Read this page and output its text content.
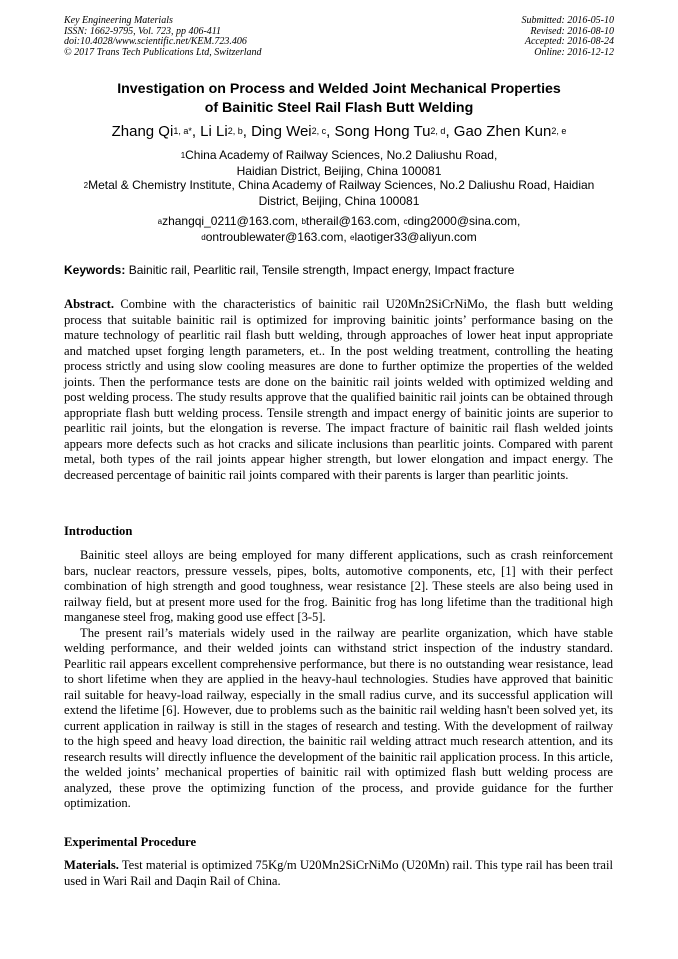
Key Engineering Materials
ISSN: 1662-9795, Vol. 723, pp 406-411
doi:10.4028/www.scientific.net/KEM.723.406
© 2017 Trans Tech Publications Ltd, Switzerland
Submitted: 2016-05-10
Revised: 2016-08-10
Accepted: 2016-08-24
Online: 2016-12-12
Investigation on Process and Welded Joint Mechanical Properties
of Bainitic Steel Rail Flash Butt Welding
Zhang $Qi^{1, a*}$, Li Li$^{2, b}$, Ding Wei$^{2, c}$, Song Hong Tu$^{2, d}$, Gao Zhen Kun$^{2, e}$
$^1$China Academy of Railway Sciences, No.2 Daliushu Road,
Haidian District, Beijing, China 100081
$^2$Metal & Chemistry Institute, China Academy of Railway Sciences, No.2 Daliushu Road, Haidian
District, Beijing, China 100081
$^a$zhangqi_0211@163.com, $^b$therail@163.com, $^c$ding2000@sina.com,
$^d$ontroublewater@163.com, $^e$laotiger33@aliyun.com
Keywords: Bainitic rail, Pearlitic rail, Tensile strength, Impact energy, Impact fracture

Abstract. Combine with the characteristics of bainitic rail U20Mn2SiCrNiMo, the flash butt welding process that suitable bainitic rail is optimized for improving bainitic joints’ performance basing on the mature technology of pearlitic rail flash butt welding, through approaches of lower heat input appropriate and matched upset forging length parameters, et.. In the post welding treatment, controlling the heating process strictly and using slow cooling measures are done to further optimize the properties of the welded joints. Then the performance tests are done on the bainitic rail joints welded with optimized welding and post welding process. The study results approve that the qualified bainitic rail joints can be obtained through appropriate flash butt welding process. Tensile strength and impact energy of bainitic joints are superior to pearlitic rail joints, but the elongation is reverse. The impact fracture of bainitic rail flash welded joints appears more defects such as hot cracks and silicate inclusions than pearlitic joints. Compared with parent metal, both types of the rail joints appear higher strength, but lower elongation and impact energy. The decreased percentage of bainitic rail joints compared with their parents is larger than pearlitic joints.

Introduction

Bainitic steel alloys are being employed for many different applications, such as crash reinforcement bars, nuclear reactors, pressure vessels, pipes, bolts, automotive components, etc, [1] with their perfect combination of high strength and good toughness, wear resistance [2]. These steels are also being used in railway field, but at present more used for the frog. Bainitic frog has long lifetime than the traditional high manganese steel frog, making good use effect [3-5].

The present rail’s materials widely used in the railway are pearlite organization, which have stable welding performance, and their welded joints can withstand strict inspection of the industry standard. Pearlitic rail appears excellent comprehensive performance, but there is no outstanding wear resistance, lead to short lifetime when they are applied in the heavy-haul technologies. Studies have approved that bainitic rail suitable for heavy-load railway, especially in the small radius curve, and its successful application will extend the lifetime [6]. However, due to problems such as the bainitic rail welding hasn't been solved yet, its current application in railway is still in the stages of research and testing. With the development of railway to the high speed and heavy load direction, the bainitic rail welding attract much research attention, and its research results will directly influence the development of the bainitic rail application process. In this article, the welded joints’ mechanical properties of bainitic rail with optimized flash butt welding process are analyzed, these prove the optimizing function of the process, and provide guidance for the further optimization.

Experimental Procedure

Materials. Test material is optimized 75Kg/m U20Mn2SiCrNiMo (U20Mn) rail. This type rail has been trail used in Wari Rail and Daqin Rail of China.
